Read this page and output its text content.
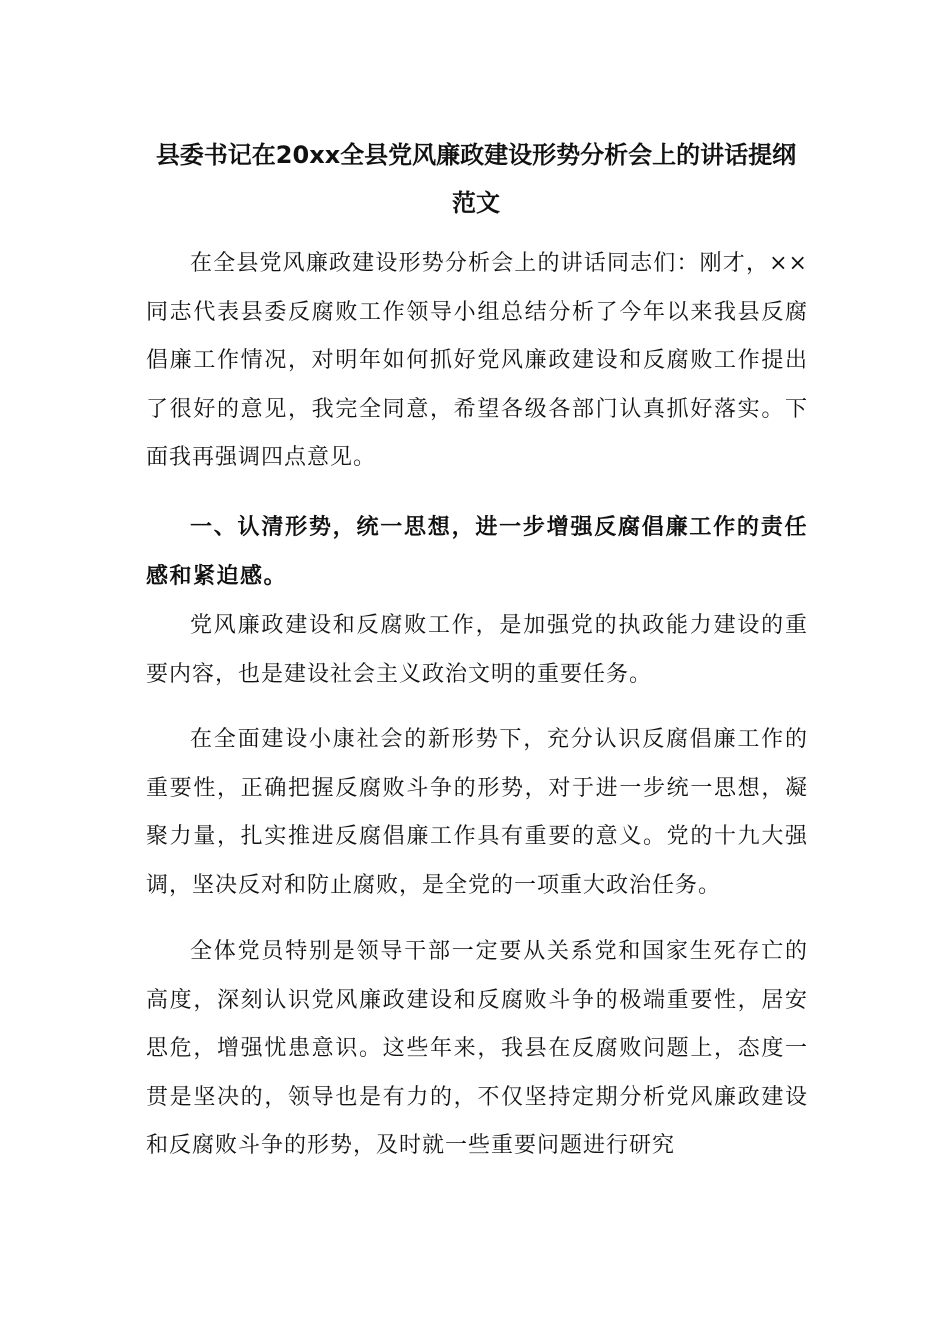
县委书记在20xx全县党风廉政建设形势分析会上的讲话提纲范文

在全县党风廉政建设形势分析会上的讲话同志们：刚才，××同志代表县委反腐败工作领导小组总结分析了今年以来我县反腐倡廉工作情况，对明年如何抓好党风廉政建设和反腐败工作提出了很好的意见，我完全同意，希望各级各部门认真抓好落实。下面我再强调四点意见。

一、认清形势，统一思想，进一步增强反腐倡廉工作的责任感和紧迫感。

党风廉政建设和反腐败工作，是加强党的执政能力建设的重要内容，也是建设社会主义政治文明的重要任务。

在全面建设小康社会的新形势下，充分认识反腐倡廉工作的重要性，正确把握反腐败斗争的形势，对于进一步统一思想，凝聚力量，扎实推进反腐倡廉工作具有重要的意义。党的十九大强调，坚决反对和防止腐败，是全党的一项重大政治任务。

全体党员特别是领导干部一定要从关系党和国家生死存亡的高度，深刻认识党风廉政建设和反腐败斗争的极端重要性，居安思危，增强忧患意识。这些年来，我县在反腐败问题上，态度一贯是坚决的，领导也是有力的，不仅坚持定期分析党风廉政建设和反腐败斗争的形势，及时就一些重要问题进行研究
